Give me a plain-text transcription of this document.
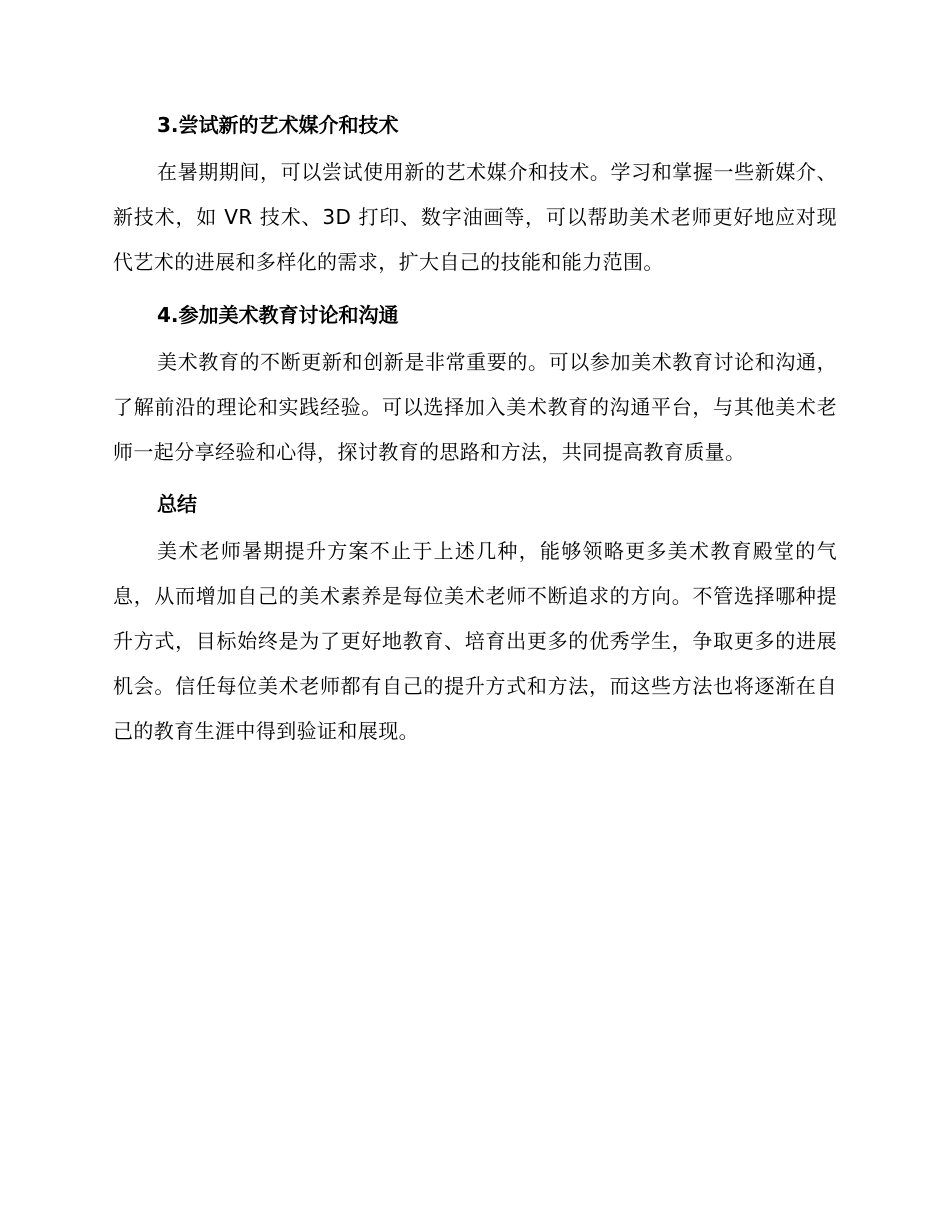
3.尝试新的艺术媒介和技术

在暑期期间，可以尝试使用新的艺术媒介和技术。学习和掌握一些新媒介、新技术，如 VR 技术、3D 打印、数字油画等，可以帮助美术老师更好地应对现代艺术的进展和多样化的需求，扩大自己的技能和能力范围。

4.参加美术教育讨论和沟通

美术教育的不断更新和创新是非常重要的。可以参加美术教育讨论和沟通，了解前沿的理论和实践经验。可以选择加入美术教育的沟通平台，与其他美术老师一起分享经验和心得，探讨教育的思路和方法，共同提高教育质量。

总结

美术老师暑期提升方案不止于上述几种，能够领略更多美术教育殿堂的气息，从而增加自己的美术素养是每位美术老师不断追求的方向。不管选择哪种提升方式，目标始终是为了更好地教育、培育出更多的优秀学生，争取更多的进展机会。信任每位美术老师都有自己的提升方式和方法，而这些方法也将逐渐在自己的教育生涯中得到验证和展现。
